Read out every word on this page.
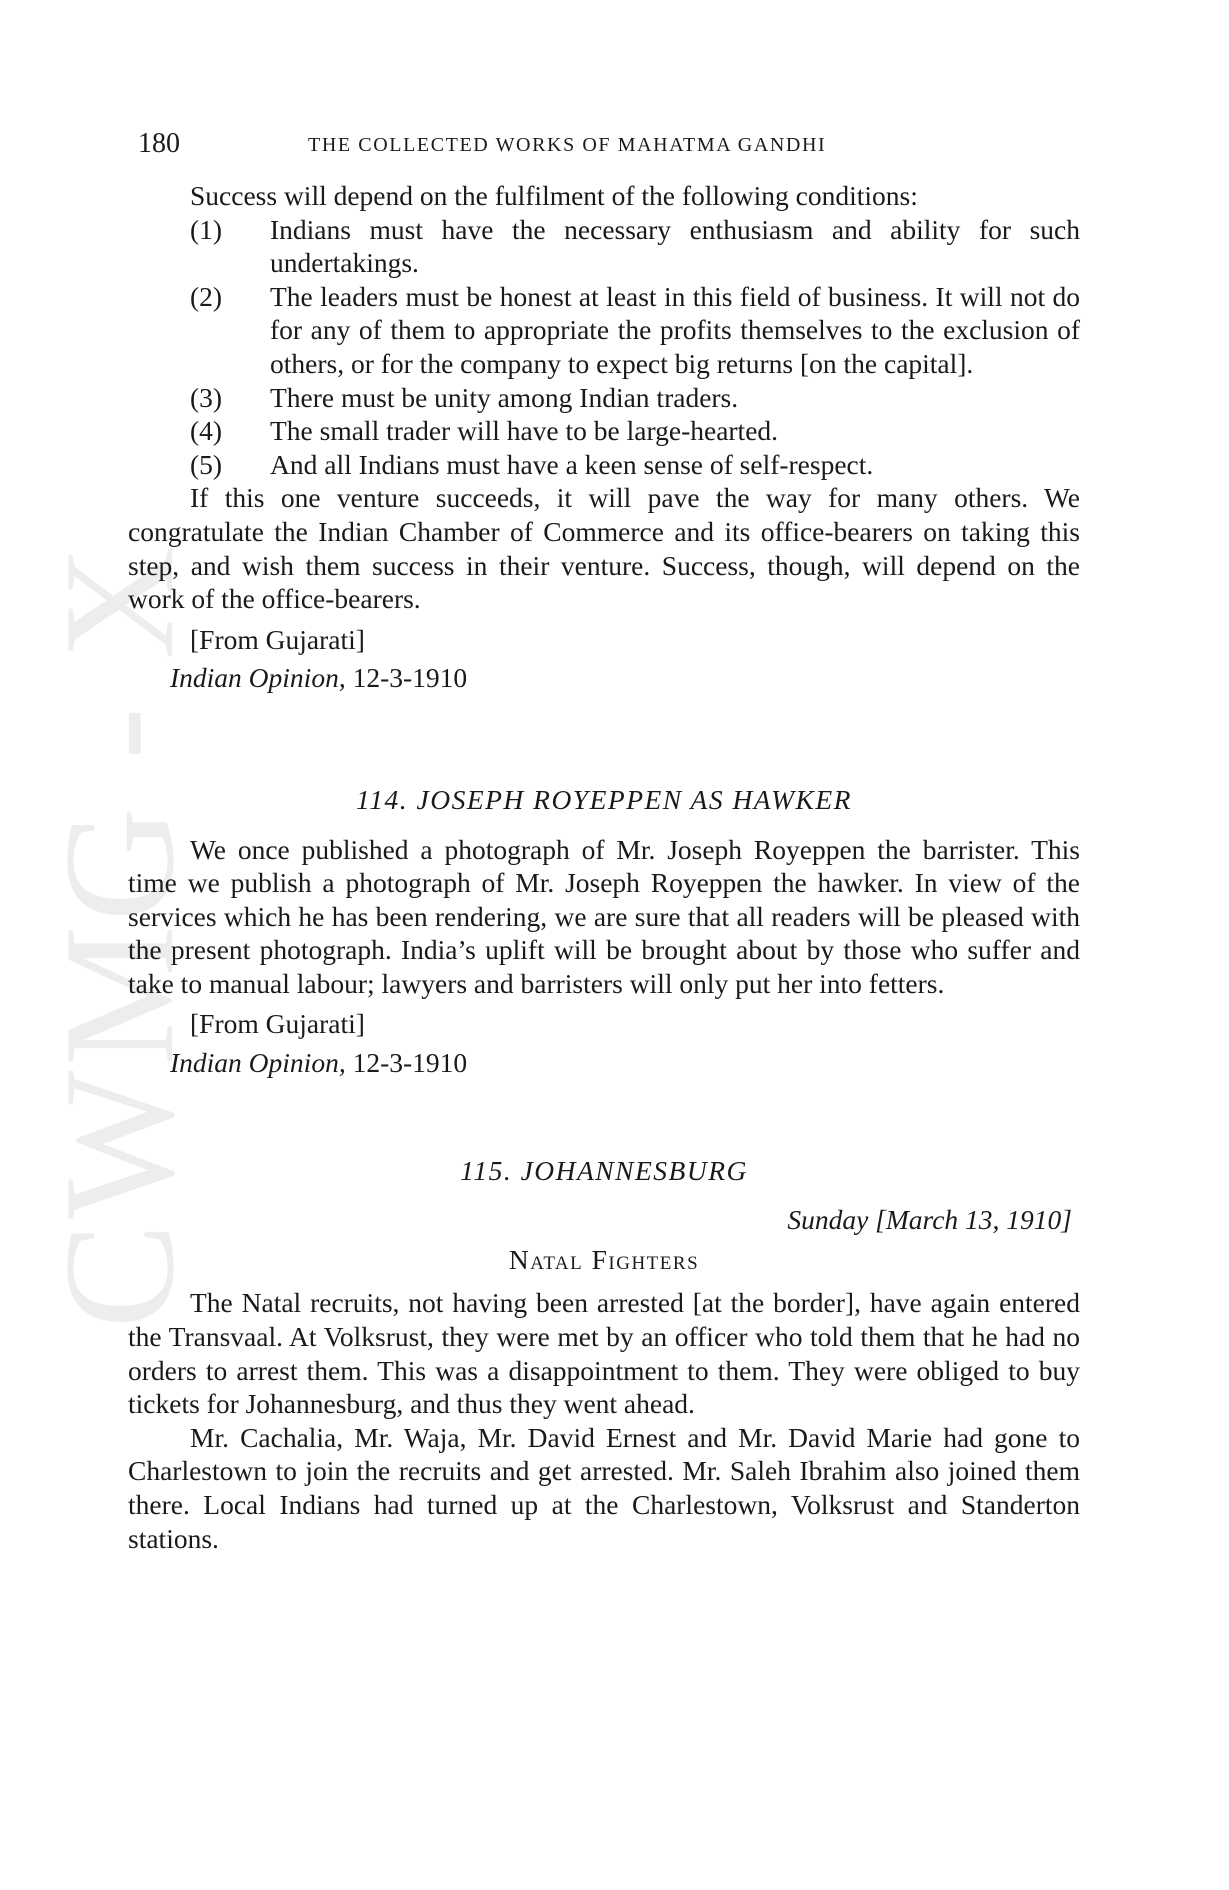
CWMG - X
180	THE COLLECTED WORKS OF MAHATMA GANDHI

Success will depend on the fulfilment of the following conditions:

(1)	Indians must have the necessary enthusiasm and ability for such undertakings.
(2)	The leaders must be honest at least in this field of business. It will not do for any of them to appropriate the profits themselves to the exclusion of others, or for the company to expect big returns [on the capital].
(3)	There must be unity among Indian traders.
(4)	The small trader will have to be large-hearted.
(5)	And all Indians must have a keen sense of self-respect.

If this one venture succeeds, it will pave the way for many others. We congratulate the Indian Chamber of Commerce and its office-bearers on taking this step, and wish them success in their venture. Success, though, will depend on the work of the office-bearers.

[From Gujarati]

Indian Opinion, 12-3-1910

114. JOSEPH ROYEPPEN AS HAWKER

We once published a photograph of Mr. Joseph Royeppen the barrister. This time we publish a photograph of Mr. Joseph Royeppen the hawker. In view of the services which he has been rendering, we are sure that all readers will be pleased with the present photograph. India’s uplift will be brought about by those who suffer and take to manual labour; lawyers and barristers will only put her into fetters.

[From Gujarati]

Indian Opinion, 12-3-1910

115. JOHANNESBURG

Sunday [March 13, 1910]

Natal Fighters

The Natal recruits, not having been arrested [at the border], have again entered the Transvaal. At Volksrust, they were met by an officer who told them that he had no orders to arrest them. This was a disappointment to them. They were obliged to buy tickets for Johannesburg, and thus they went ahead.

Mr. Cachalia, Mr. Waja, Mr. David Ernest and Mr. David Marie had gone to Charlestown to join the recruits and get arrested. Mr. Saleh Ibrahim also joined them there. Local Indians had turned up at the Charlestown, Volksrust and Standerton stations.
